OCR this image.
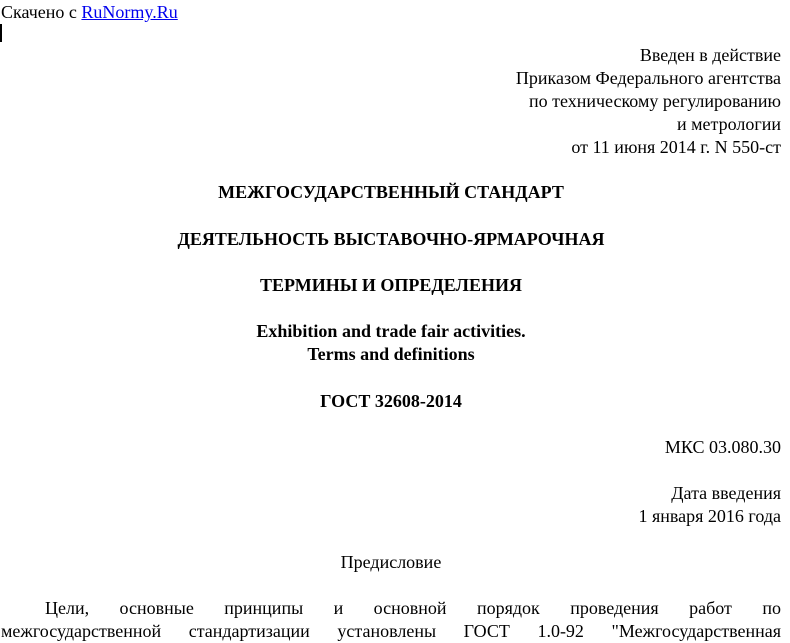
Скачено с RuNormy.Ru
Введен в действие
Приказом Федерального агентства
по техническому регулированию
и метрологии
от 11 июня 2014 г. N 550-ст
МЕЖГОСУДАРСТВЕННЫЙ СТАНДАРТ
ДЕЯТЕЛЬНОСТЬ ВЫСТАВОЧНО-ЯРМАРОЧНАЯ
ТЕРМИНЫ И ОПРЕДЕЛЕНИЯ
Exhibition and trade fair activities.
Terms and definitions
ГОСТ 32608-2014
МКС 03.080.30
Дата введения
1 января 2016 года
Предисловие
Цели, основные принципы и основной порядок проведения работ по
межгосударственной стандартизации установлены ГОСТ 1.0-92 "Межгосударственная
